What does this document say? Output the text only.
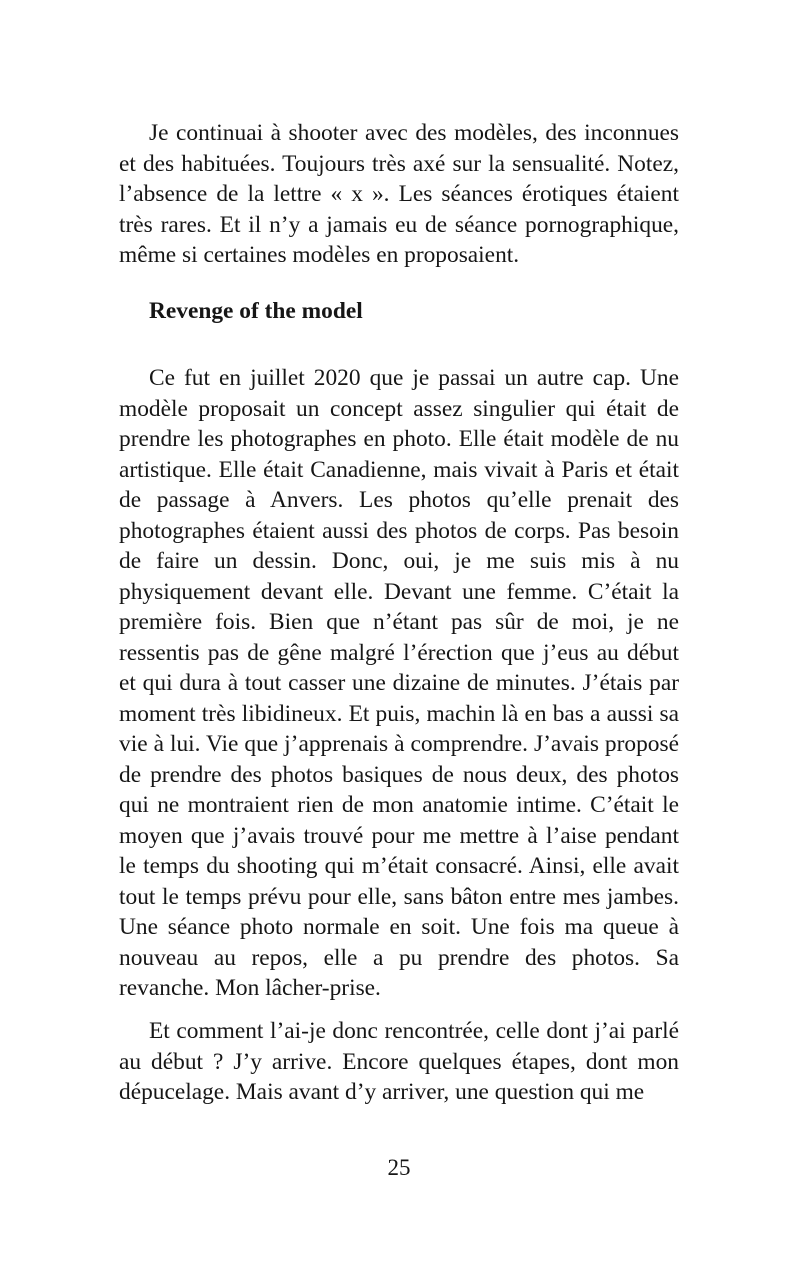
Je continuai à shooter avec des modèles, des inconnues et des habituées. Toujours très axé sur la sensualité. Notez, l’absence de la lettre « x ». Les séances érotiques étaient très rares. Et il n’y a jamais eu de séance pornographique, même si certaines modèles en proposaient.

Revenge of the model

Ce fut en juillet 2020 que je passai un autre cap. Une modèle proposait un concept assez singulier qui était de prendre les photographes en photo. Elle était modèle de nu artistique. Elle était Canadienne, mais vivait à Paris et était de passage à Anvers. Les photos qu’elle prenait des photographes étaient aussi des photos de corps. Pas besoin de faire un dessin. Donc, oui, je me suis mis à nu physiquement devant elle. Devant une femme. C’était la première fois. Bien que n’étant pas sûr de moi, je ne ressentis pas de gêne malgré l’érection que j’eus au début et qui dura à tout casser une dizaine de minutes. J’étais par moment très libidineux. Et puis, machin là en bas a aussi sa vie à lui. Vie que j’apprenais à comprendre. J’avais proposé de prendre des photos basiques de nous deux, des photos qui ne montraient rien de mon anatomie intime. C’était le moyen que j’avais trouvé pour me mettre à l’aise pendant le temps du shooting qui m’était consacré. Ainsi, elle avait tout le temps prévu pour elle, sans bâton entre mes jambes. Une séance photo normale en soit. Une fois ma queue à nouveau au repos, elle a pu prendre des photos. Sa revanche. Mon lâcher-prise.

Et comment l’ai-je donc rencontrée, celle dont j’ai parlé au début ? J’y arrive. Encore quelques étapes, dont mon dépucelage. Mais avant d’y arriver, une question qui me

25
